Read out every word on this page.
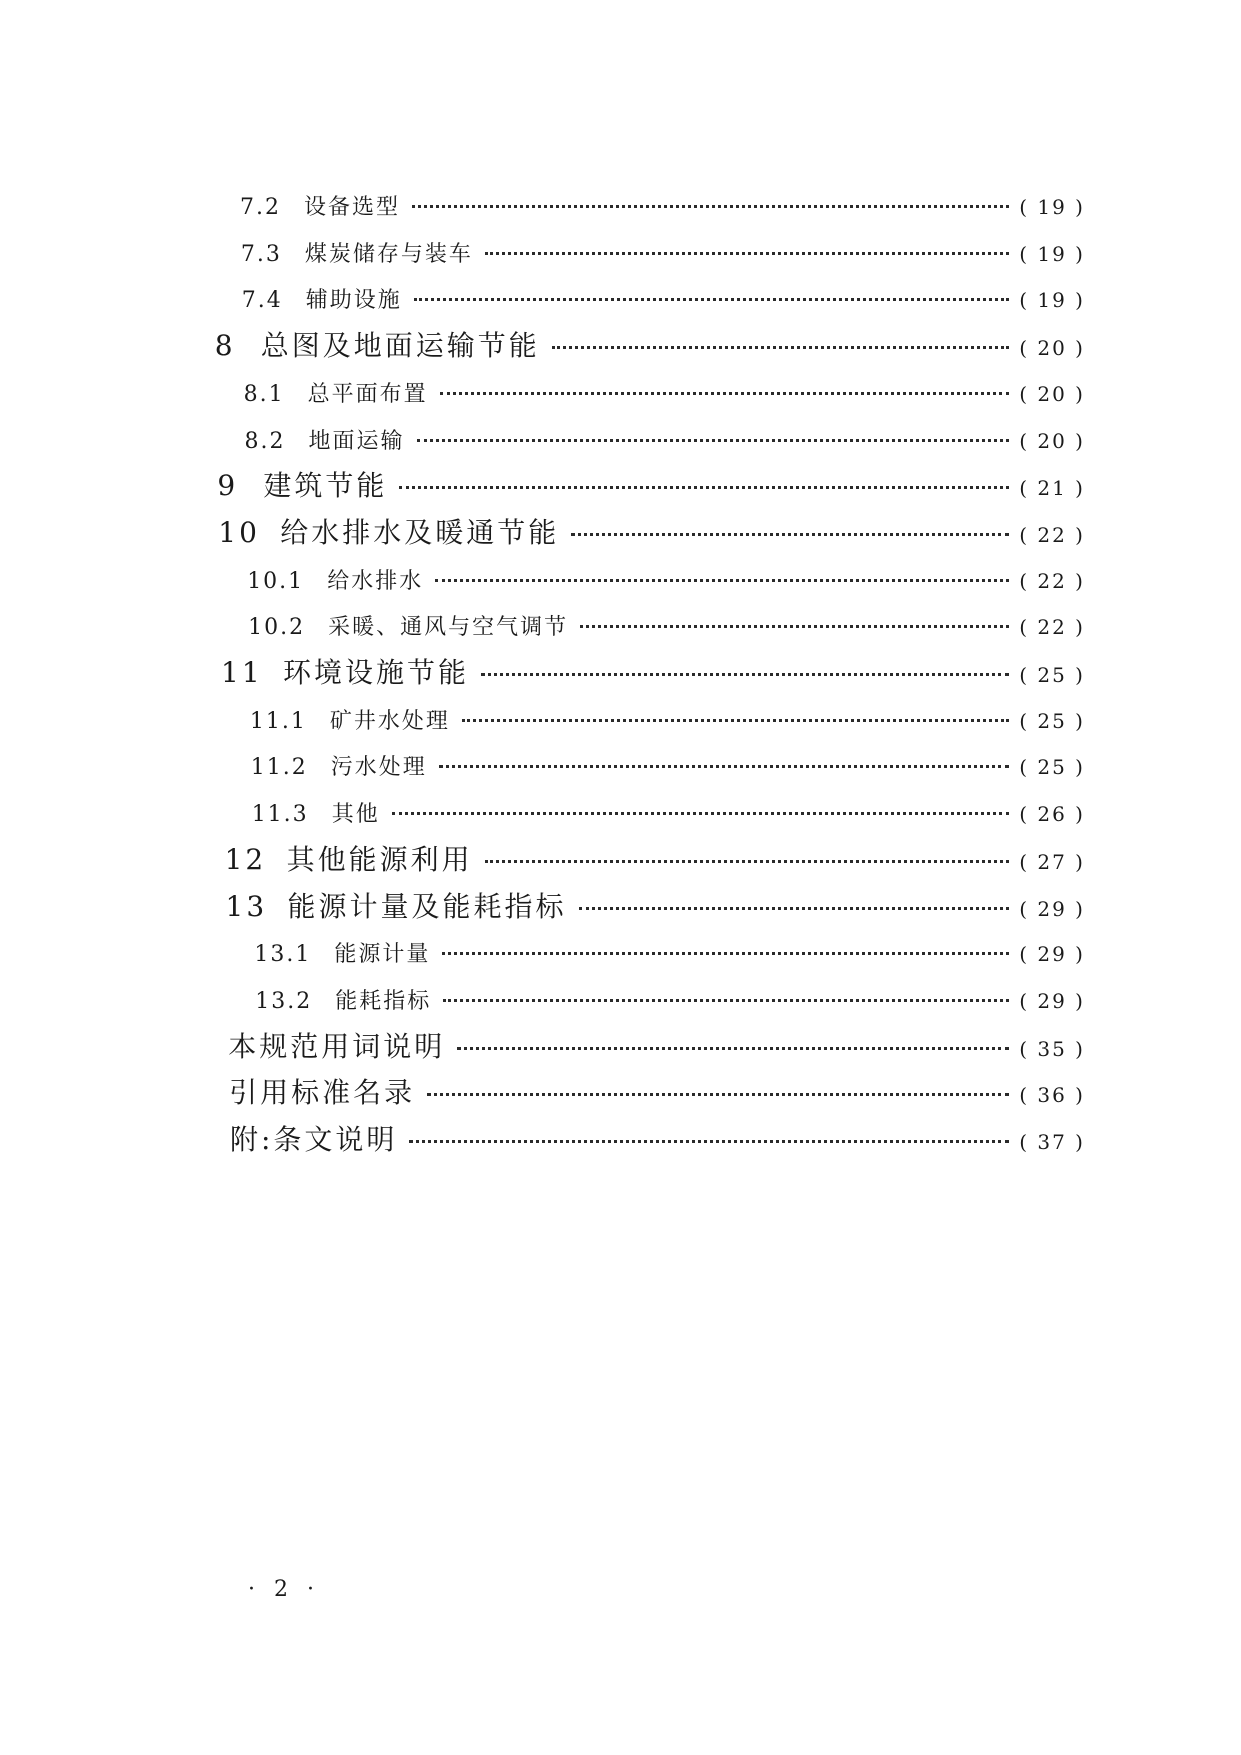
7.2	设备选型	( 19 )
7.3	煤炭储存与装车	( 19 )
7.4	辅助设施	( 19 )
8 总图及地面运输节能	( 20 )
8.1	总平面布置	( 20 )
8.2	地面运输	( 20 )
9 建筑节能	( 21 )
10 给水排水及暖通节能	( 22 )
10.1	给水排水	( 22 )
10.2	采暖、通风与空气调节	( 22 )
11 环境设施节能	( 25 )
11.1	矿井水处理	( 25 )
11.2	污水处理	( 25 )
11.3	其他	( 26 )
12 其他能源利用	( 27 )
13 能源计量及能耗指标	( 29 )
13.1	能源计量	( 29 )
13.2	能耗指标	( 29 )
本规范用词说明	( 35 )
引用标准名录	( 36 )
附:条文说明	( 37 )
· 2 ·
